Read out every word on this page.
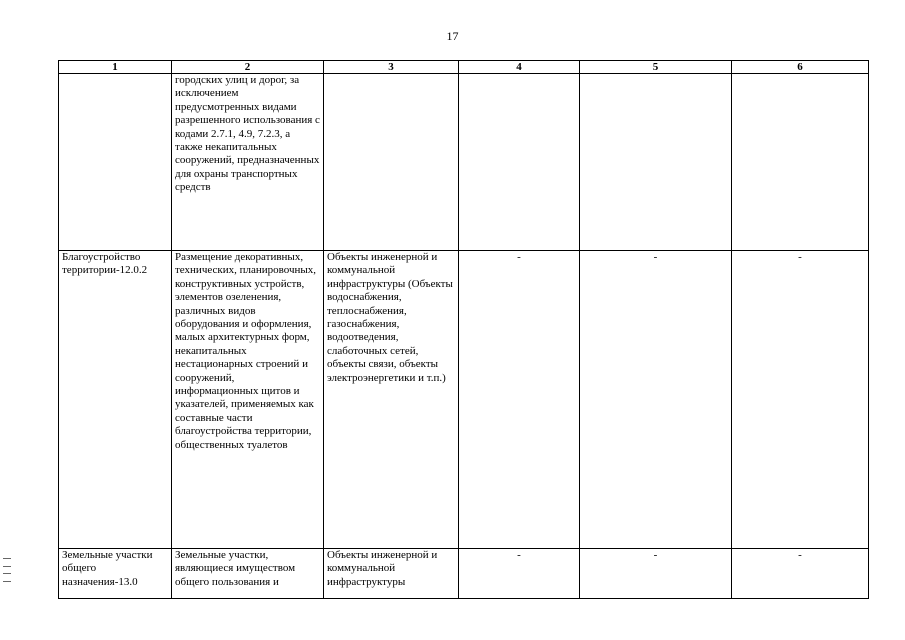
17
1	2	3	4	5	6
	городских улиц и дорог, за исключением предусмотренных видами разрешенного использования с кодами 2.7.1, 4.9, 7.2.3, а также некапитальных сооружений, предназначенных для охраны транспортных средств				
Благоустройство территории-12.0.2	Размещение декоративных, технических, планировочных, конструктивных устройств, элементов озеленения, различных видов оборудования и оформления, малых архитектурных форм, некапитальных нестационарных строений и сооружений, информационных щитов и указателей, применяемых как составные части благоустройства территории, общественных туалетов	Объекты инженерной и коммунальной инфраструктуры (Объекты водоснабжения, теплоснабжения, газоснабжения, водоотведения, слаботочных сетей, объекты связи, объекты электроэнергетики и т.п.)	-	-	-
Земельные участки общего назначения-13.0	Земельные участки, являющиеся имуществом общего пользования и	Объекты инженерной и коммунальной инфраструктуры	-	-	-
